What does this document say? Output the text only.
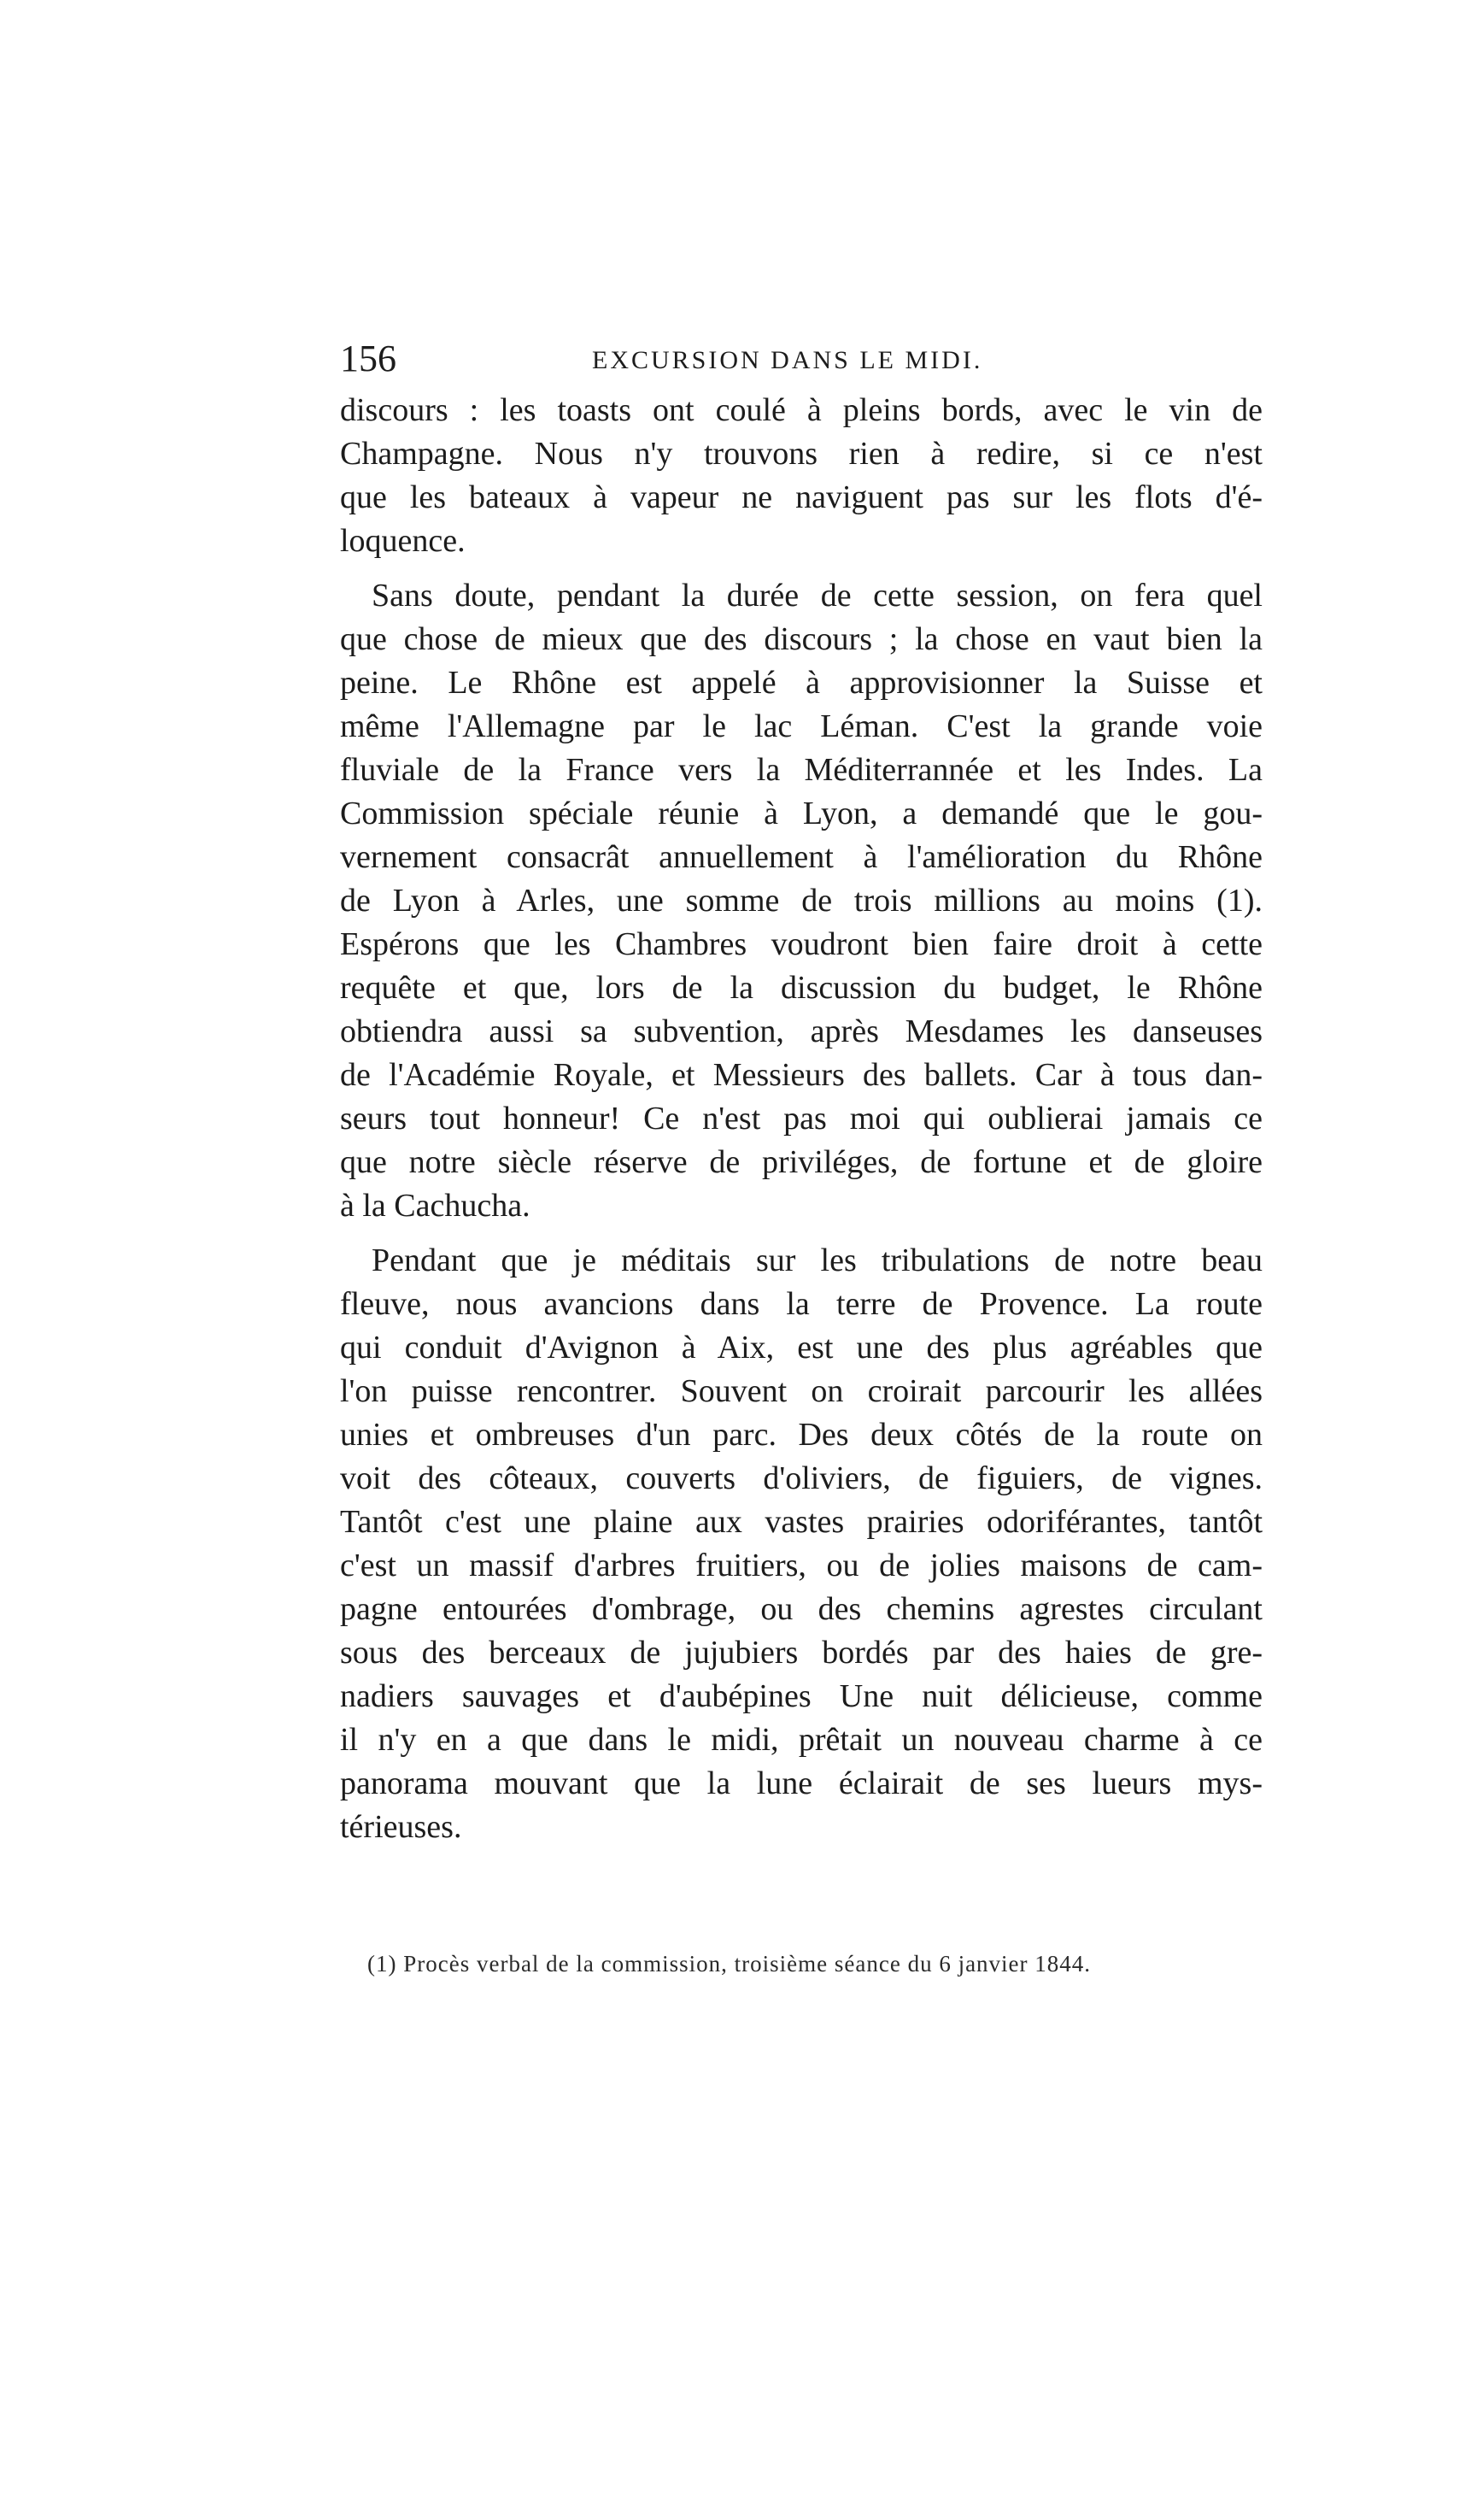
156	EXCURSION DANS LE MIDI.
discours : les toasts ont coulé à pleins bords, avec le vin de
Champagne. Nous n'y trouvons rien à redire, si ce n'est
que les bateaux à vapeur ne naviguent pas sur les flots d'é-
loquence.
Sans doute, pendant la durée de cette session, on fera quel
que chose de mieux que des discours ; la chose en vaut bien la
peine. Le Rhône est appelé à approvisionner la Suisse et
même l'Allemagne par le lac Léman. C'est la grande voie
fluviale de la France vers la Méditerrannée et les Indes. La
Commission spéciale réunie à Lyon, a demandé que le gou-
vernement consacrât annuellement à l'amélioration du Rhône
de Lyon à Arles, une somme de trois millions au moins (1).
Espérons que les Chambres voudront bien faire droit à cette
requête et que, lors de la discussion du budget, le Rhône
obtiendra aussi sa subvention, après Mesdames les danseuses
de l'Académie Royale, et Messieurs des ballets. Car à tous dan-
seurs tout honneur! Ce n'est pas moi qui oublierai jamais ce
que notre siècle réserve de priviléges, de fortune et de gloire
à la Cachucha.
Pendant que je méditais sur les tribulations de notre beau
fleuve, nous avancions dans la terre de Provence. La route
qui conduit d'Avignon à Aix, est une des plus agréables que
l'on puisse rencontrer. Souvent on croirait parcourir les allées
unies et ombreuses d'un parc. Des deux côtés de la route on
voit des côteaux, couverts d'oliviers, de figuiers, de vignes.
Tantôt c'est une plaine aux vastes prairies odoriférantes, tantôt
c'est un massif d'arbres fruitiers, ou de jolies maisons de cam-
pagne entourées d'ombrage, ou des chemins agrestes circulant
sous des berceaux de jujubiers bordés par des haies de gre-
nadiers sauvages et d'aubépines Une nuit délicieuse, comme
il n'y en a que dans le midi, prêtait un nouveau charme à ce
panorama mouvant que la lune éclairait de ses lueurs mys-
térieuses.
(1) Procès verbal de la commission, troisième séance du 6 janvier 1844.
